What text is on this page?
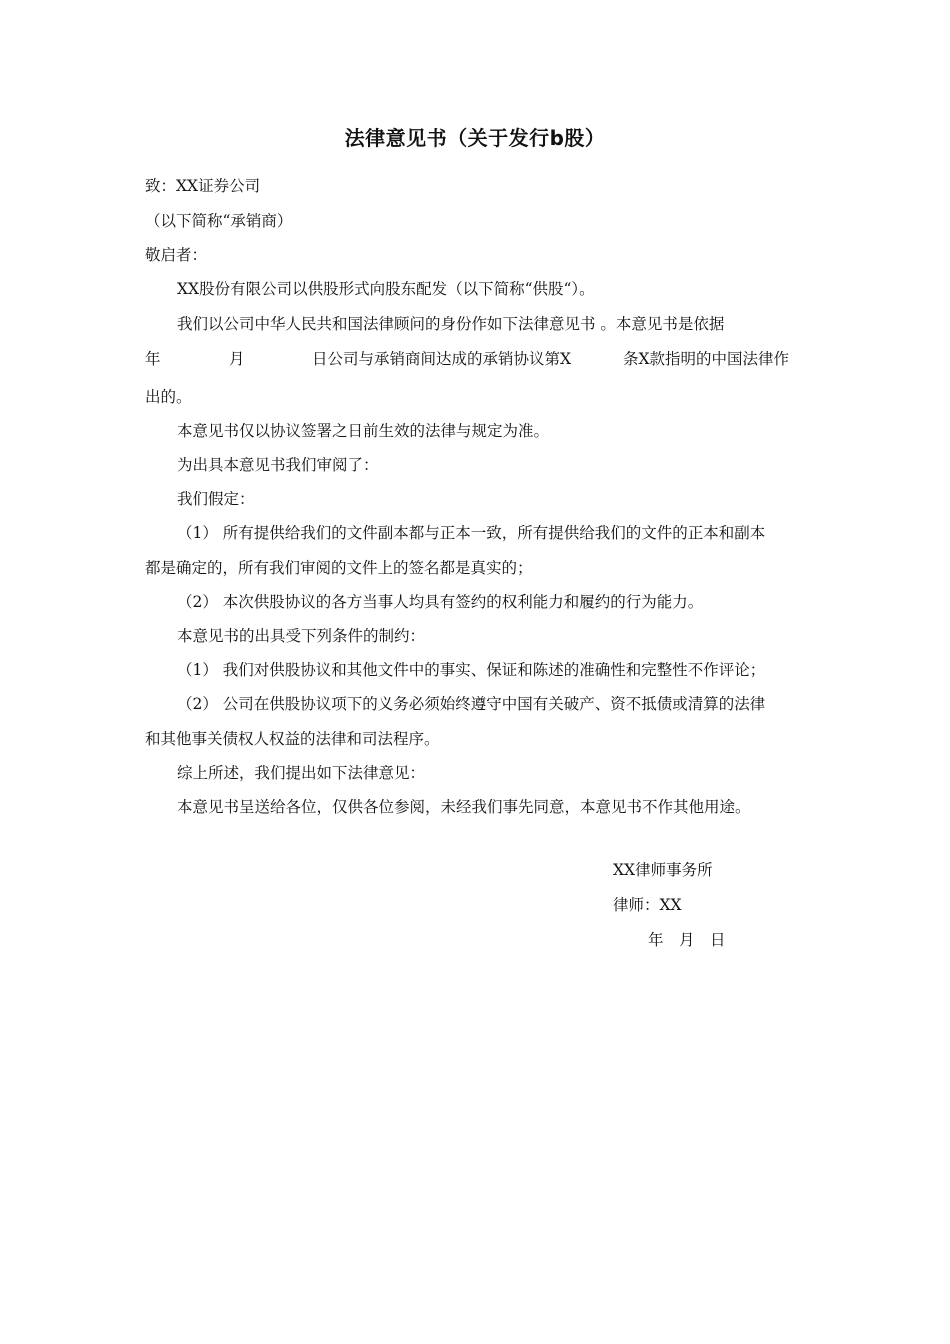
法律意见书（关于发行b股）
致：XX证券公司
（以下简称“承销商）
敬启者：
XX股份有限公司以供股形式向股东配发（以下简称“供股“）。
我们以公司中华人民共和国法律顾问的身份作如下法律意见书 。本意见书是依据
年	月	日公司与承销商间达成的承销协议第X	条X款指明的中国法律作
出的。
本意见书仅以协议签署之日前生效的法律与规定为准。
为出具本意见书我们审阅了：
我们假定：
（1） 所有提供给我们的文件副本都与正本一致，所有提供给我们的文件的正本和副本
都是确定的，所有我们审阅的文件上的签名都是真实的；
（2） 本次供股协议的各方当事人均具有签约的权利能力和履约的行为能力。
本意见书的出具受下列条件的制约：
（1） 我们对供股协议和其他文件中的事实、保证和陈述的准确性和完整性不作评论；
（2） 公司在供股协议项下的义务必须始终遵守中国有关破产、资不抵债或清算的法律
和其他事关债权人权益的法律和司法程序。
综上所述，我们提出如下法律意见：
本意见书呈送给各位，仅供各位参阅，未经我们事先同意，本意见书不作其他用途。
XX律师事务所
律师：XX
年　月　日
